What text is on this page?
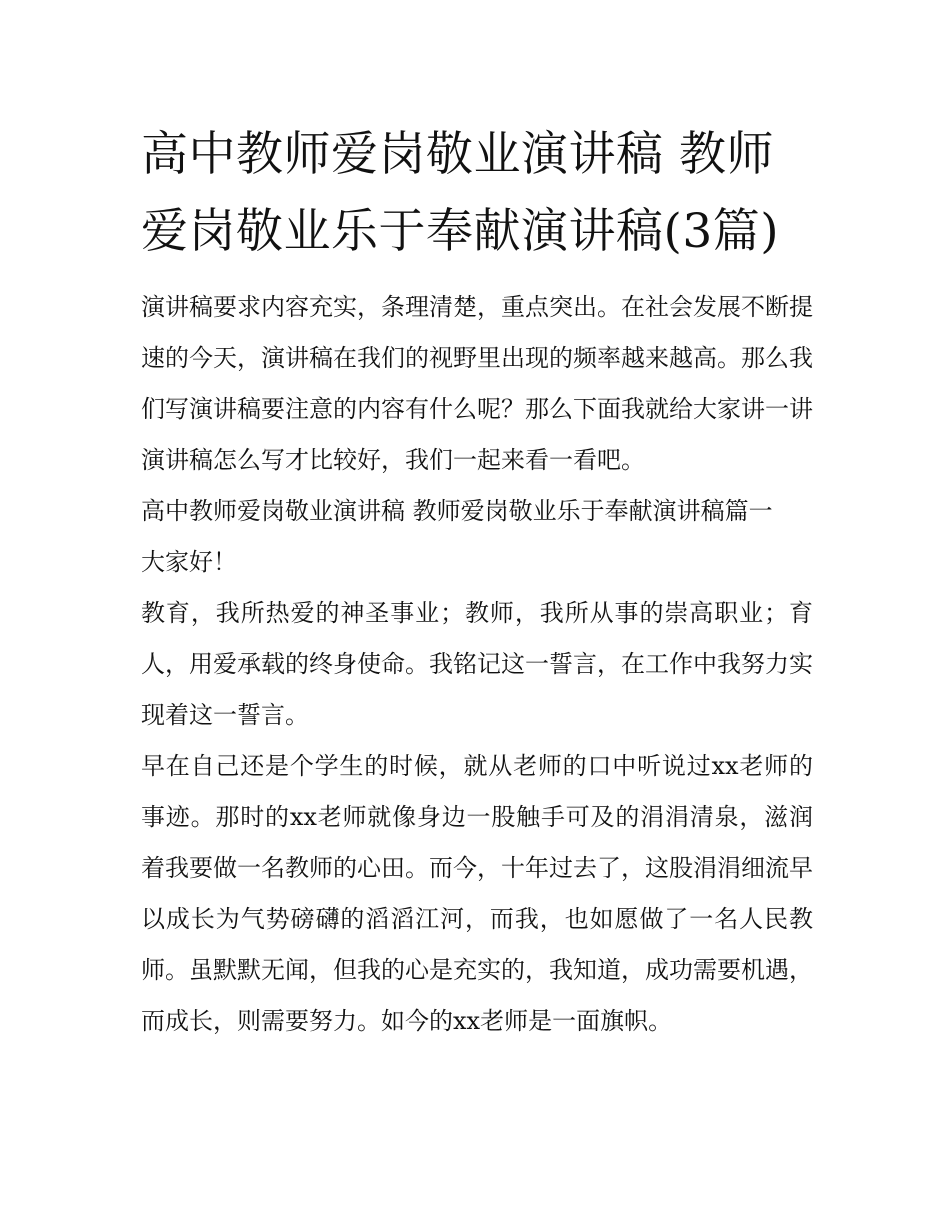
高中教师爱岗敬业演讲稿 教师爱岗敬业乐于奉献演讲稿(3篇)

演讲稿要求内容充实，条理清楚，重点突出。在社会发展不断提速的今天，演讲稿在我们的视野里出现的频率越来越高。那么我们写演讲稿要注意的内容有什么呢？那么下面我就给大家讲一讲演讲稿怎么写才比较好，我们一起来看一看吧。

高中教师爱岗敬业演讲稿 教师爱岗敬业乐于奉献演讲稿篇一

大家好！

教育，我所热爱的神圣事业；教师，我所从事的崇高职业；育人，用爱承载的终身使命。我铭记这一誓言，在工作中我努力实现着这一誓言。

早在自己还是个学生的时候，就从老师的口中听说过xx老师的事迹。那时的xx老师就像身边一股触手可及的涓涓清泉，滋润着我要做一名教师的心田。而今，十年过去了，这股涓涓细流早以成长为气势磅礴的滔滔江河，而我，也如愿做了一名人民教师。虽默默无闻，但我的心是充实的，我知道，成功需要机遇，而成长，则需要努力。如今的xx老师是一面旗帜。
